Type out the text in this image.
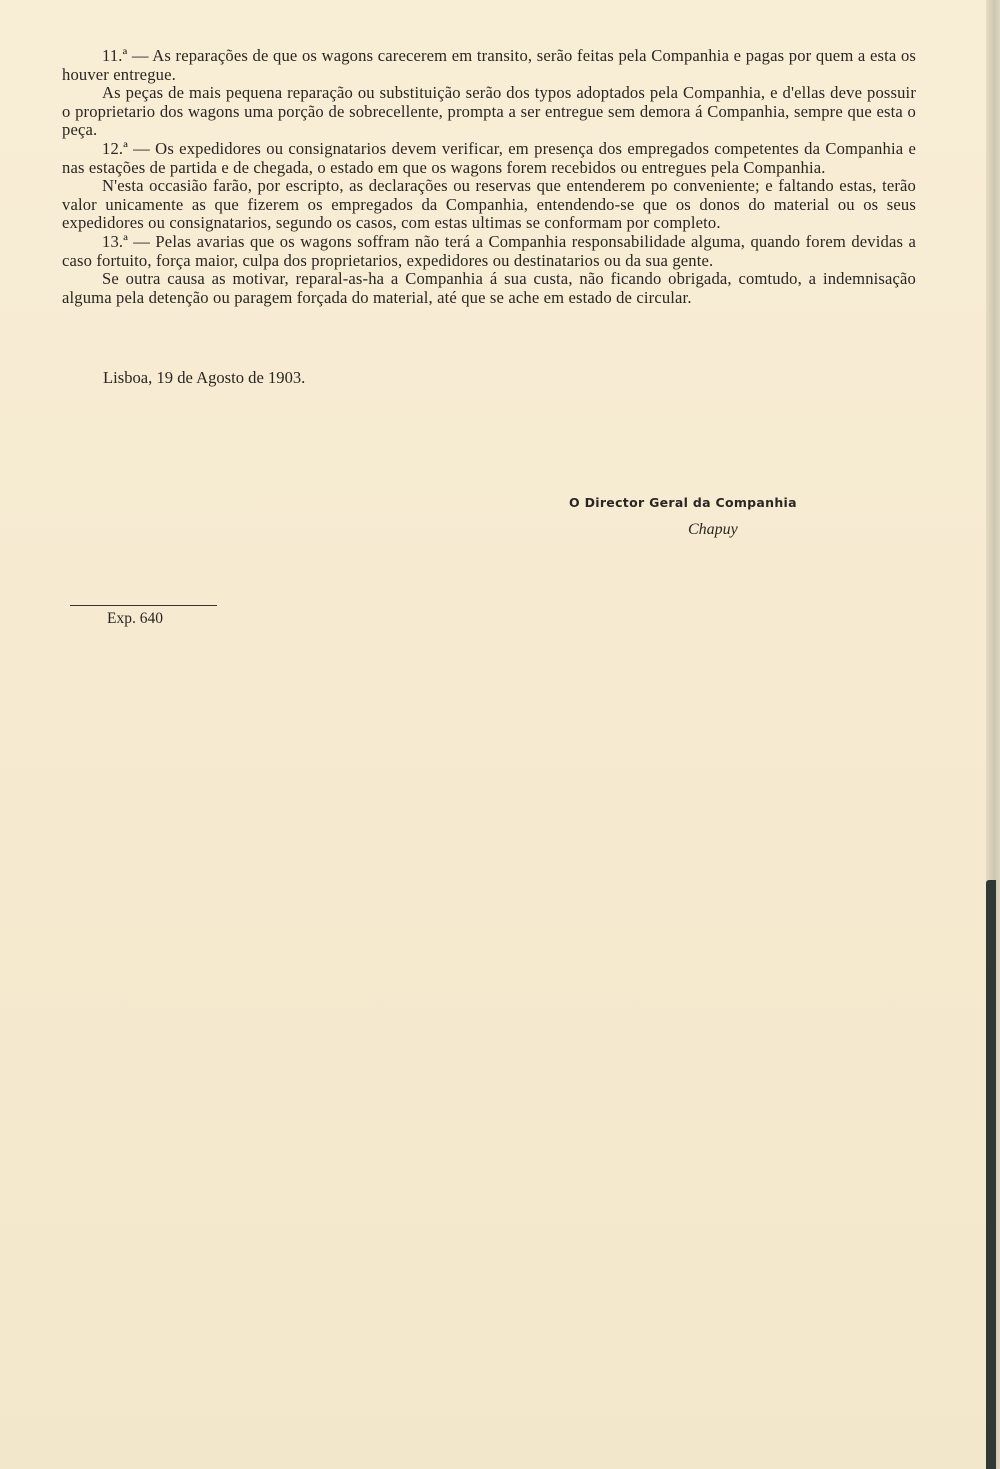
11.ª — As reparações de que os wagons carecerem em transito, serão feitas pela Companhia e pagas por quem a esta os houver entregue.

As peças de mais pequena reparação ou substituição serão dos typos adoptados pela Companhia, e d'ellas deve possuir o proprietario dos wagons uma porção de sobrecellente, prompta a ser entregue sem demora á Companhia, sempre que esta o peça.

12.ª — Os expedidores ou consignatarios devem verificar, em presença dos empregados competentes da Companhia e nas estações de partida e de chegada, o estado em que os wagons forem recebidos ou entregues pela Companhia.

N'esta occasião farão, por escripto, as declarações ou reservas que entenderem po conveniente; e faltando estas, terão valor unicamente as que fizerem os empregados da Companhia, entendendo-se que os donos do material ou os seus expedidores ou consignatarios, segundo os casos, com estas ultimas se conformam por completo.

13.ª — Pelas avarias que os wagons soffram não terá a Companhia responsabilidade alguma, quando forem devidas a caso fortuito, força maior, culpa dos proprietarios, expedidores ou destinatarios ou da sua gente.

Se outra causa as motivar, reparal-as-ha a Companhia á sua custa, não ficando obrigada, comtudo, a indemnisação alguma pela detenção ou paragem forçada do material, até que se ache em estado de circular.

Lisboa, 19 de Agosto de 1903.
O Director Geral da Companhia
Chapuy
Exp. 640
